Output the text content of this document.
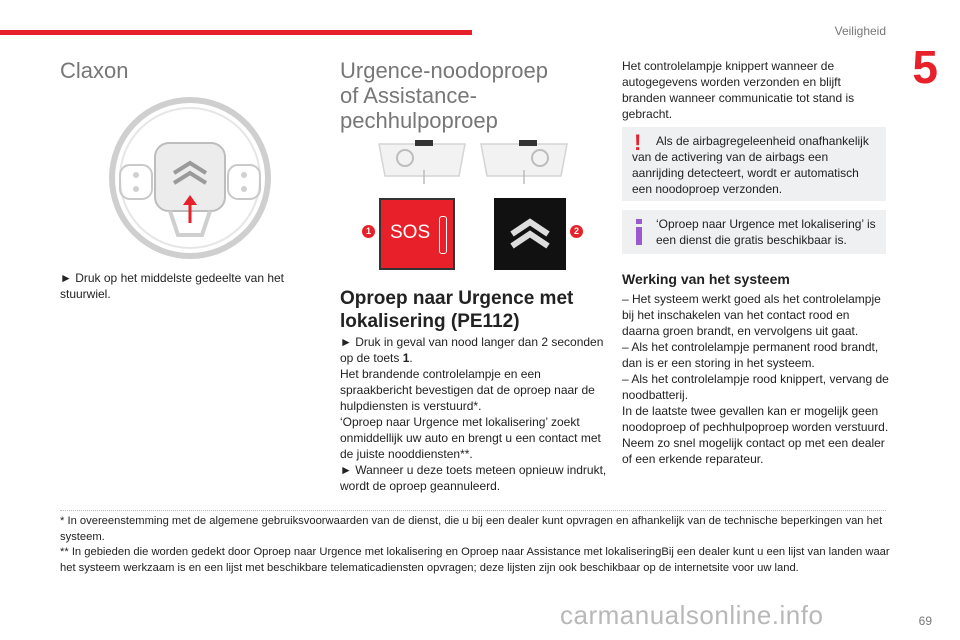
Veiligheid
5
Claxon
► Druk op het middelste gedeelte van het stuurwiel.
Urgence-noodoproep
of Assistance-
pechhulpoproep
SOS
1	2
Oproep naar Urgence met
lokalisering (PE112)

► Druk in geval van nood langer dan 2 seconden op de toets 1.

Het brandende controlelampje en een spraakbericht bevestigen dat de oproep naar de hulpdiensten is verstuurd*.

‘Oproep naar Urgence met lokalisering’ zoekt onmiddellijk uw auto en brengt u een contact met de juiste nooddiensten**.

► Wanneer u deze toets meteen opnieuw indrukt, wordt de oproep geannuleerd.

Het controlelampje knippert wanneer de autogegevens worden verzonden en blijft branden wanneer communicatie tot stand is gebracht.
!	Als de airbagregeleenheid onafhankelijk van de activering van de airbags een aanrijding detecteert, wordt er automatisch een noodoproep verzonden.
‘Oproep naar Urgence met lokalisering’ is een dienst die gratis beschikbaar is.
Werking van het systeem

– Het systeem werkt goed als het controlelampje bij het inschakelen van het contact rood en daarna groen brandt, en vervolgens uit gaat.

– Als het controlelampje permanent rood brandt, dan is er een storing in het systeem.

– Als het controlelampje rood knippert, vervang de noodbatterij.

In de laatste twee gevallen kan er mogelijk geen noodoproep of pechhulpoproep worden verstuurd.

Neem zo snel mogelijk contact op met een dealer of een erkende reparateur.

* In overeenstemming met de algemene gebruiksvoorwaarden van de dienst, die u bij een dealer kunt opvragen en afhankelijk van de technische beperkingen van het systeem.

** In gebieden die worden gedekt door Oproep naar Urgence met lokalisering en Oproep naar Assistance met lokaliseringBij een dealer kunt u een lijst van landen waar het systeem werkzaam is en een lijst met beschikbare telematicadiensten opvragen; deze lijsten zijn ook beschikbaar op de internetsite voor uw land.

carmanualsonline.info	69
